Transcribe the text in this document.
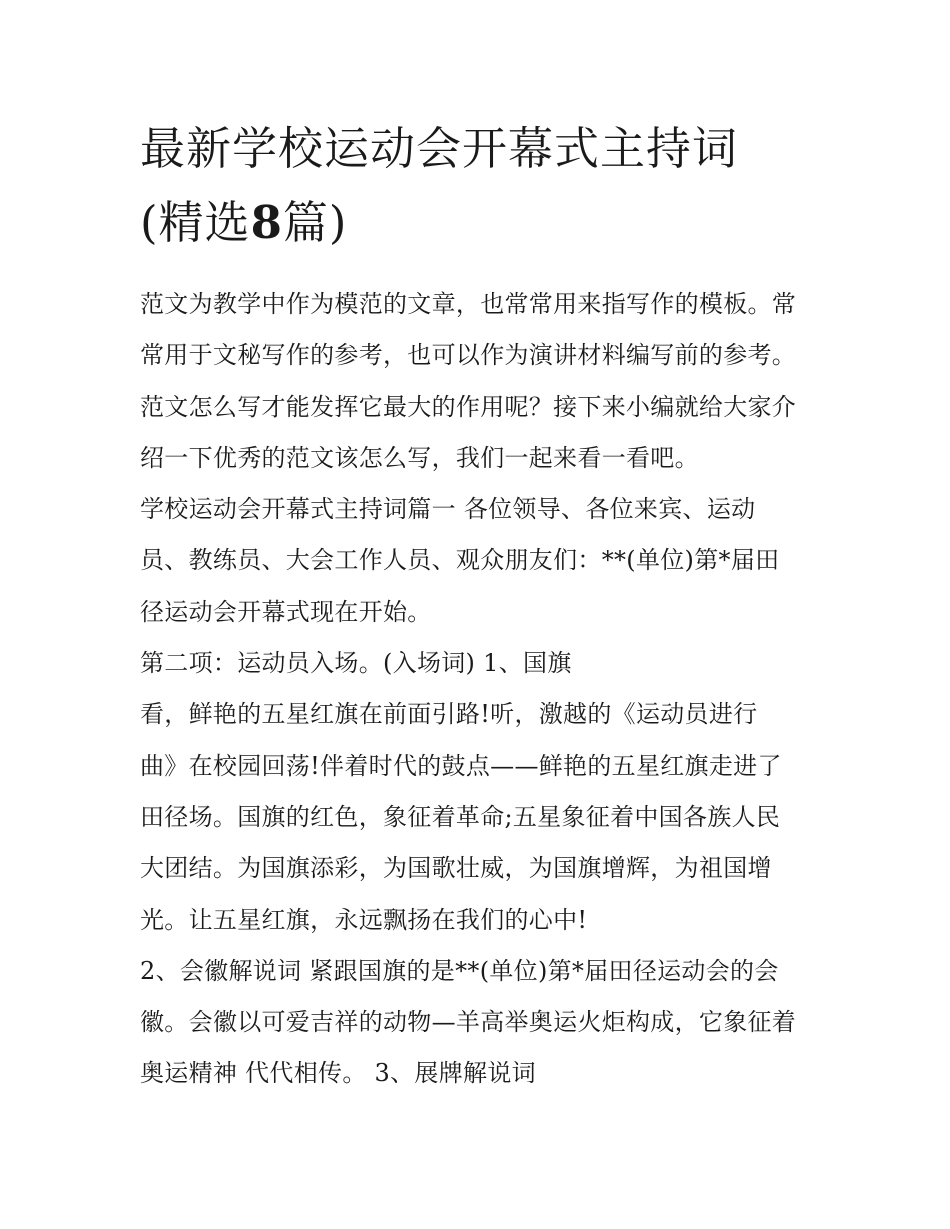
最新学校运动会开幕式主持词
(精选8篇)
范文为教学中作为模范的文章，也常常用来指写作的模板。常
常用于文秘写作的参考，也可以作为演讲材料编写前的参考。
范文怎么写才能发挥它最大的作用呢？接下来小编就给大家介
绍一下优秀的范文该怎么写，我们一起来看一看吧。
学校运动会开幕式主持词篇一 各位领导、各位来宾、运动
员、教练员、大会工作人员、观众朋友们：**(单位)第*届田
径运动会开幕式现在开始。
第二项：运动员入场。(入场词) 1、国旗
看，鲜艳的五星红旗在前面引路!听，激越的《运动员进行
曲》在校园回荡!伴着时代的鼓点——鲜艳的五星红旗走进了
田径场。国旗的红色，象征着革命;五星象征着中国各族人民
大团结。为国旗添彩，为国歌壮威，为国旗增辉，为祖国增
光。让五星红旗，永远飘扬在我们的心中!
2、会徽解说词 紧跟国旗的是**(单位)第*届田径运动会的会
徽。会徽以可爱吉祥的动物—羊高举奥运火炬构成，它象征着
奥运精神 代代相传。 3、展牌解说词
